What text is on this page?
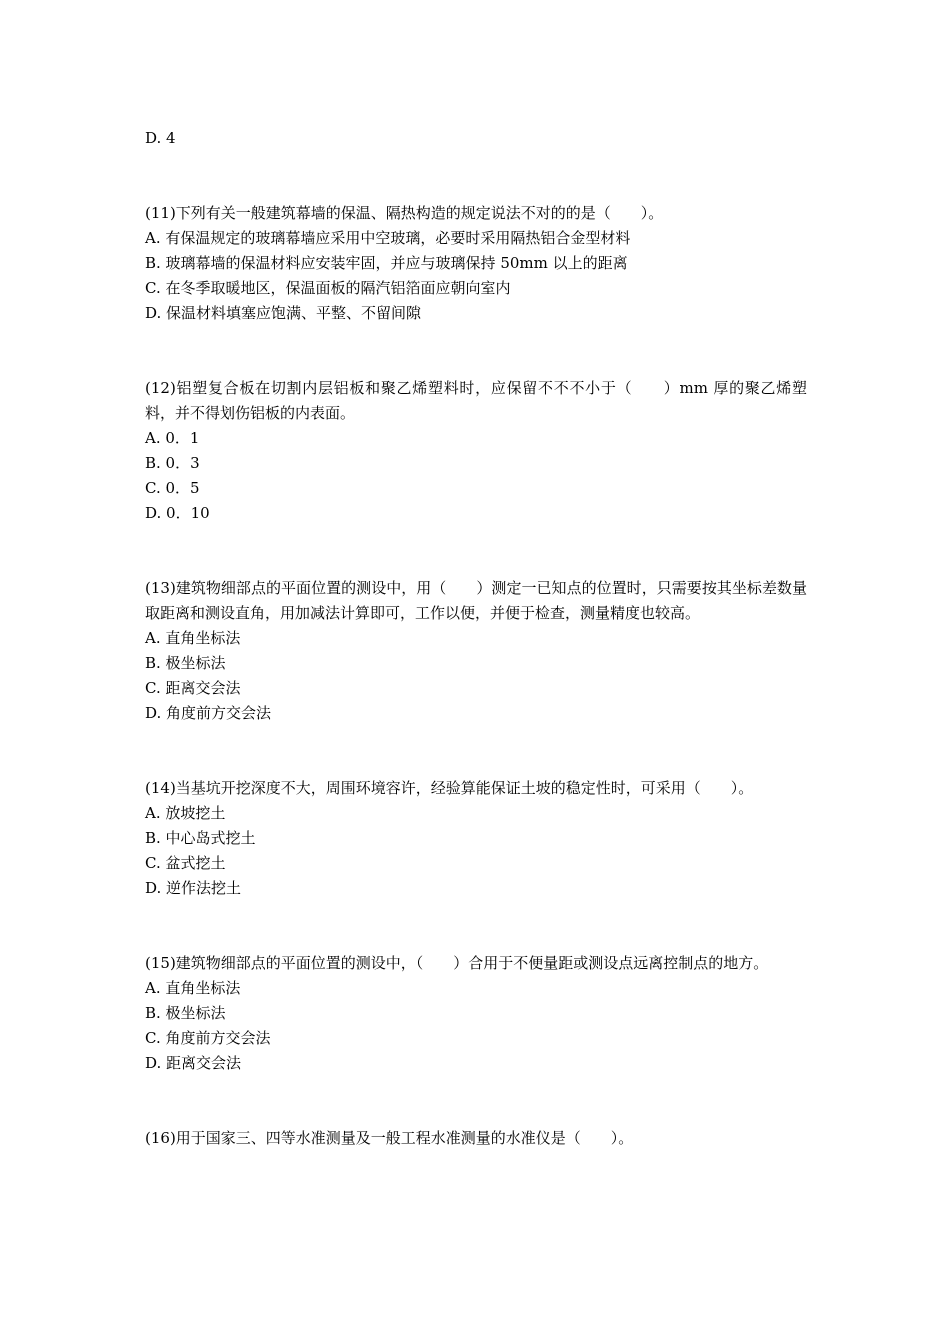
D. 4
(11)下列有关一般建筑幕墙的保温、隔热构造的规定说法不对的的是（　　）。
A. 有保温规定的玻璃幕墙应采用中空玻璃，必要时采用隔热铝合金型材料
B. 玻璃幕墙的保温材料应安装牢固，并应与玻璃保持 50mm 以上的距离
C. 在冬季取暖地区，保温面板的隔汽铝箔面应朝向室内
D. 保温材料填塞应饱满、平整、不留间隙
(12)铝塑复合板在切割内层铝板和聚乙烯塑料时，应保留不不不小于（　　）mm 厚的聚乙烯塑料，并不得划伤铝板的内表面。
A. 0．1
B. 0．3
C. 0．5
D. 0．10
(13)建筑物细部点的平面位置的测设中，用（　　）测定一已知点的位置时，只需要按其坐标差数量取距离和测设直角，用加减法计算即可，工作以便，并便于检查，测量精度也较高。
A. 直角坐标法
B. 极坐标法
C. 距离交会法
D. 角度前方交会法
(14)当基坑开挖深度不大，周围环境容许，经验算能保证土坡的稳定性时，可采用（　　）。
A. 放坡挖土
B. 中心岛式挖土
C. 盆式挖土
D. 逆作法挖土
(15)建筑物细部点的平面位置的测设中，（　　）合用于不便量距或测设点远离控制点的地方。
A. 直角坐标法
B. 极坐标法
C. 角度前方交会法
D. 距离交会法
(16)用于国家三、四等水准测量及一般工程水准测量的水准仪是（　　）。
